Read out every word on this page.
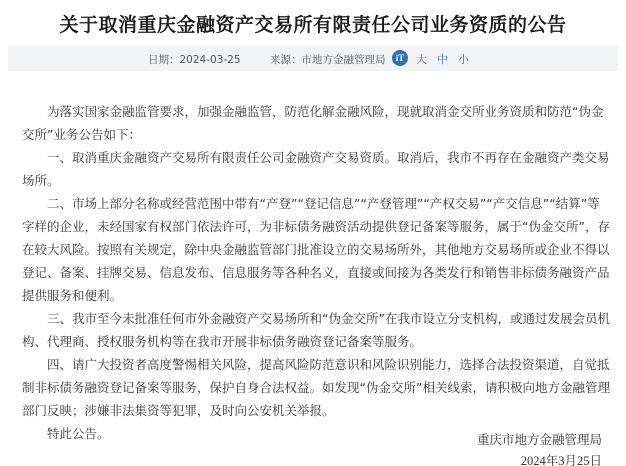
关于取消重庆金融资产交易所有限责任公司业务资质的公告
日期：2024-03-25	来源：市地方金融管理局	iT	大 中 小

为落实国家金融监管要求，加强金融监管，防范化解金融风险，现就取消金交所业务资质和防范“伪金交所”业务公告如下：

一、取消重庆金融资产交易所有限责任公司金融资产交易资质。取消后，我市不再存在金融资产类交易场所。

二、市场上部分名称或经营范围中带有“产登”“登记信息”“产登管理”“产权交易”“产交信息”“结算”等字样的企业，未经国家有权部门依法许可，为非标债务融资活动提供登记备案等服务，属于“伪金交所”，存在较大风险。按照有关规定，除中央金融监管部门批准设立的交易场所外，其他地方交易场所或企业不得以登记、备案、挂牌交易、信息发布、信息服务等各种名义，直接或间接为各类发行和销售非标债务融资产品提供服务和便利。

三、我市至今未批准任何市外金融资产交易场所和“伪金交所”在我市设立分支机构，或通过发展会员机构、代理商、授权服务机构等在我市开展非标债务融资登记备案等服务。

四、请广大投资者高度警惕相关风险，提高风险防范意识和风险识别能力，选择合法投资渠道，自觉抵制非标债务融资登记备案等服务，保护自身合法权益。如发现“伪金交所”相关线索，请积极向地方金融管理部门反映；涉嫌非法集资等犯罪，及时向公安机关举报。

特此公告。	重庆市地方金融管理局
2024年3月25日
